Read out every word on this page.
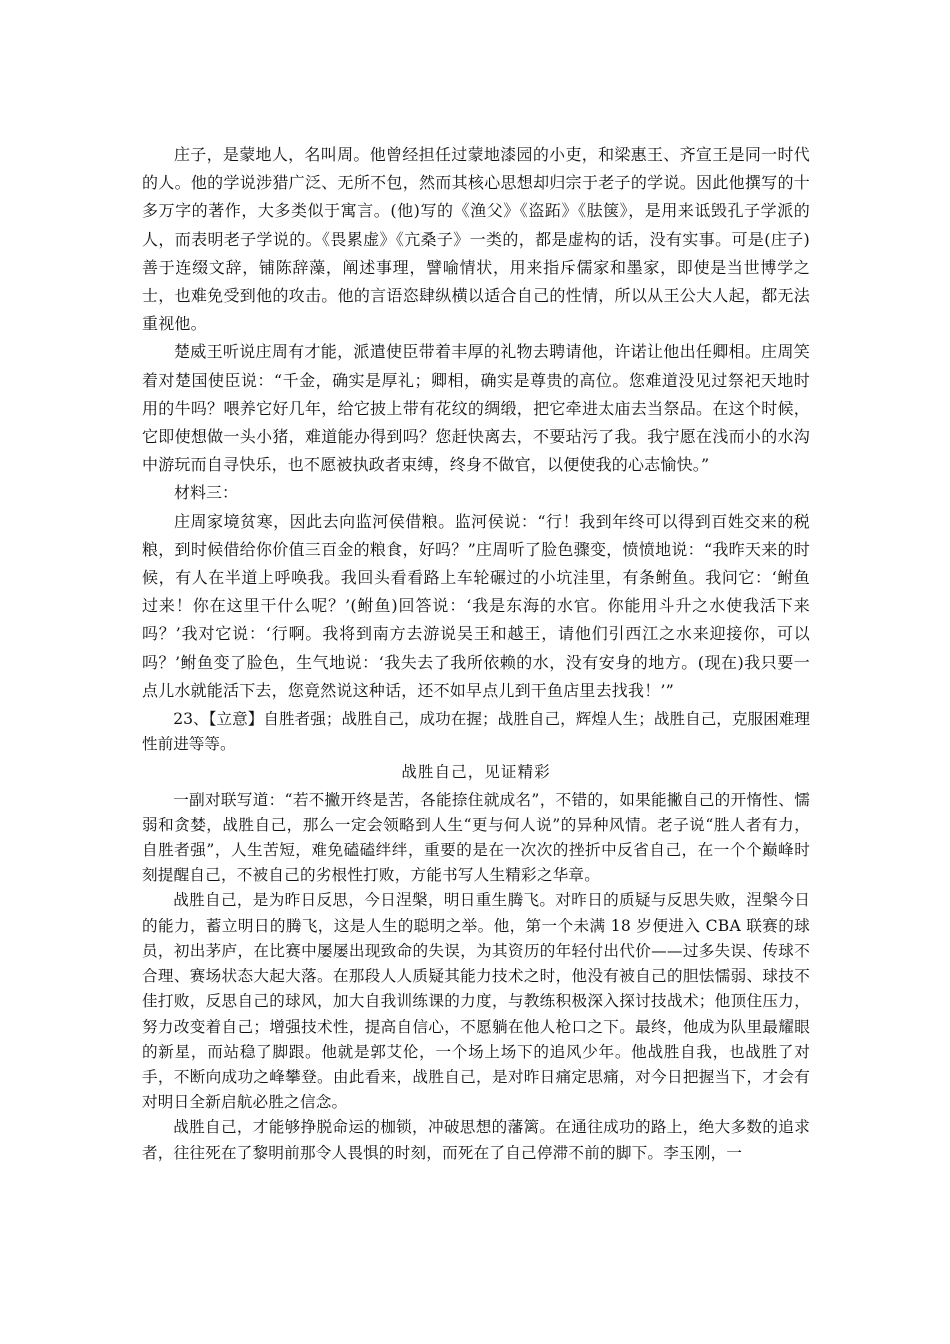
庄子，是蒙地人，名叫周。他曾经担任过蒙地漆园的小吏，和梁惠王、齐宣王是同一时代的人。他的学说涉猎广泛、无所不包，然而其核心思想却归宗于老子的学说。因此他撰写的十多万字的著作，大多类似于寓言。(他)写的《渔父》《盗跖》《胠箧》，是用来诋毁孔子学派的人，而表明老子学说的。《畏累虚》《亢桑子》一类的，都是虚构的话，没有实事。可是(庄子)善于连缀文辞，铺陈辞藻，阐述事理，譬喻情状，用来指斥儒家和墨家，即使是当世博学之士，也难免受到他的攻击。他的言语恣肆纵横以适合自己的性情，所以从王公大人起，都无法重视他。

楚威王听说庄周有才能，派遣使臣带着丰厚的礼物去聘请他，许诺让他出任卿相。庄周笑着对楚国使臣说：“千金，确实是厚礼；卿相，确实是尊贵的高位。您难道没见过祭祀天地时用的牛吗？喂养它好几年，给它披上带有花纹的绸缎，把它牵进太庙去当祭品。在这个时候，它即使想做一头小猪，难道能办得到吗？您赶快离去，不要玷污了我。我宁愿在浅而小的水沟中游玩而自寻快乐，也不愿被执政者束缚，终身不做官，以便使我的心志愉快。”

材料三：

庄周家境贫寒，因此去向监河侯借粮。监河侯说：“行！我到年终可以得到百姓交来的税粮，到时候借给你价值三百金的粮食，好吗？”庄周听了脸色骤变，愤愤地说：“我昨天来的时候，有人在半道上呼唤我。我回头看看路上车轮碾过的小坑洼里，有条鲋鱼。我问它：‘鲋鱼过来！你在这里干什么呢？’(鲋鱼)回答说：‘我是东海的水官。你能用斗升之水使我活下来吗？’我对它说：‘行啊。我将到南方去游说吴王和越王，请他们引西江之水来迎接你，可以吗？’鲋鱼变了脸色，生气地说：‘我失去了我所依赖的水，没有安身的地方。(现在)我只要一点儿水就能活下去，您竟然说这种话，还不如早点儿到干鱼店里去找我！’”

23、【立意】自胜者强；战胜自己，成功在握；战胜自己，辉煌人生；战胜自己，克服困难理性前进等等。

战胜自己，见证精彩

一副对联写道：“若不撇开终是苦，各能捺住就成名”，不错的，如果能撇自己的开惰性、懦弱和贪婪，战胜自己，那么一定会领略到人生“更与何人说”的异种风情。老子说“胜人者有力，自胜者强”，人生苦短，难免磕磕绊绊，重要的是在一次次的挫折中反省自己，在一个个巅峰时刻提醒自己，不被自己的劣根性打败，方能书写人生精彩之华章。

战胜自己，是为昨日反思，今日涅槃，明日重生腾飞。对昨日的质疑与反思失败，涅槃今日的能力，蓄立明日的腾飞，这是人生的聪明之举。他，第一个未满 18 岁便进入 CBA 联赛的球员，初出茅庐，在比赛中屡屡出现致命的失误，为其资历的年轻付出代价——过多失误、传球不合理、赛场状态大起大落。在那段人人质疑其能力技术之时，他没有被自己的胆怯懦弱、球技不佳打败，反思自己的球风，加大自我训练课的力度，与教练积极深入探讨技战术；他顶住压力，努力改变着自己；增强技术性，提高自信心，不愿躺在他人枪口之下。最终，他成为队里最耀眼的新星，而站稳了脚跟。他就是郭艾伦，一个场上场下的追风少年。他战胜自我，也战胜了对手，不断向成功之峰攀登。由此看来，战胜自己，是对昨日痛定思痛，对今日把握当下，才会有对明日全新启航必胜之信念。

战胜自己，才能够挣脱命运的枷锁，冲破思想的藩篱。在通往成功的路上，绝大多数的追求者，往往死在了黎明前那令人畏惧的时刻，而死在了自己停滞不前的脚下。李玉刚，一
